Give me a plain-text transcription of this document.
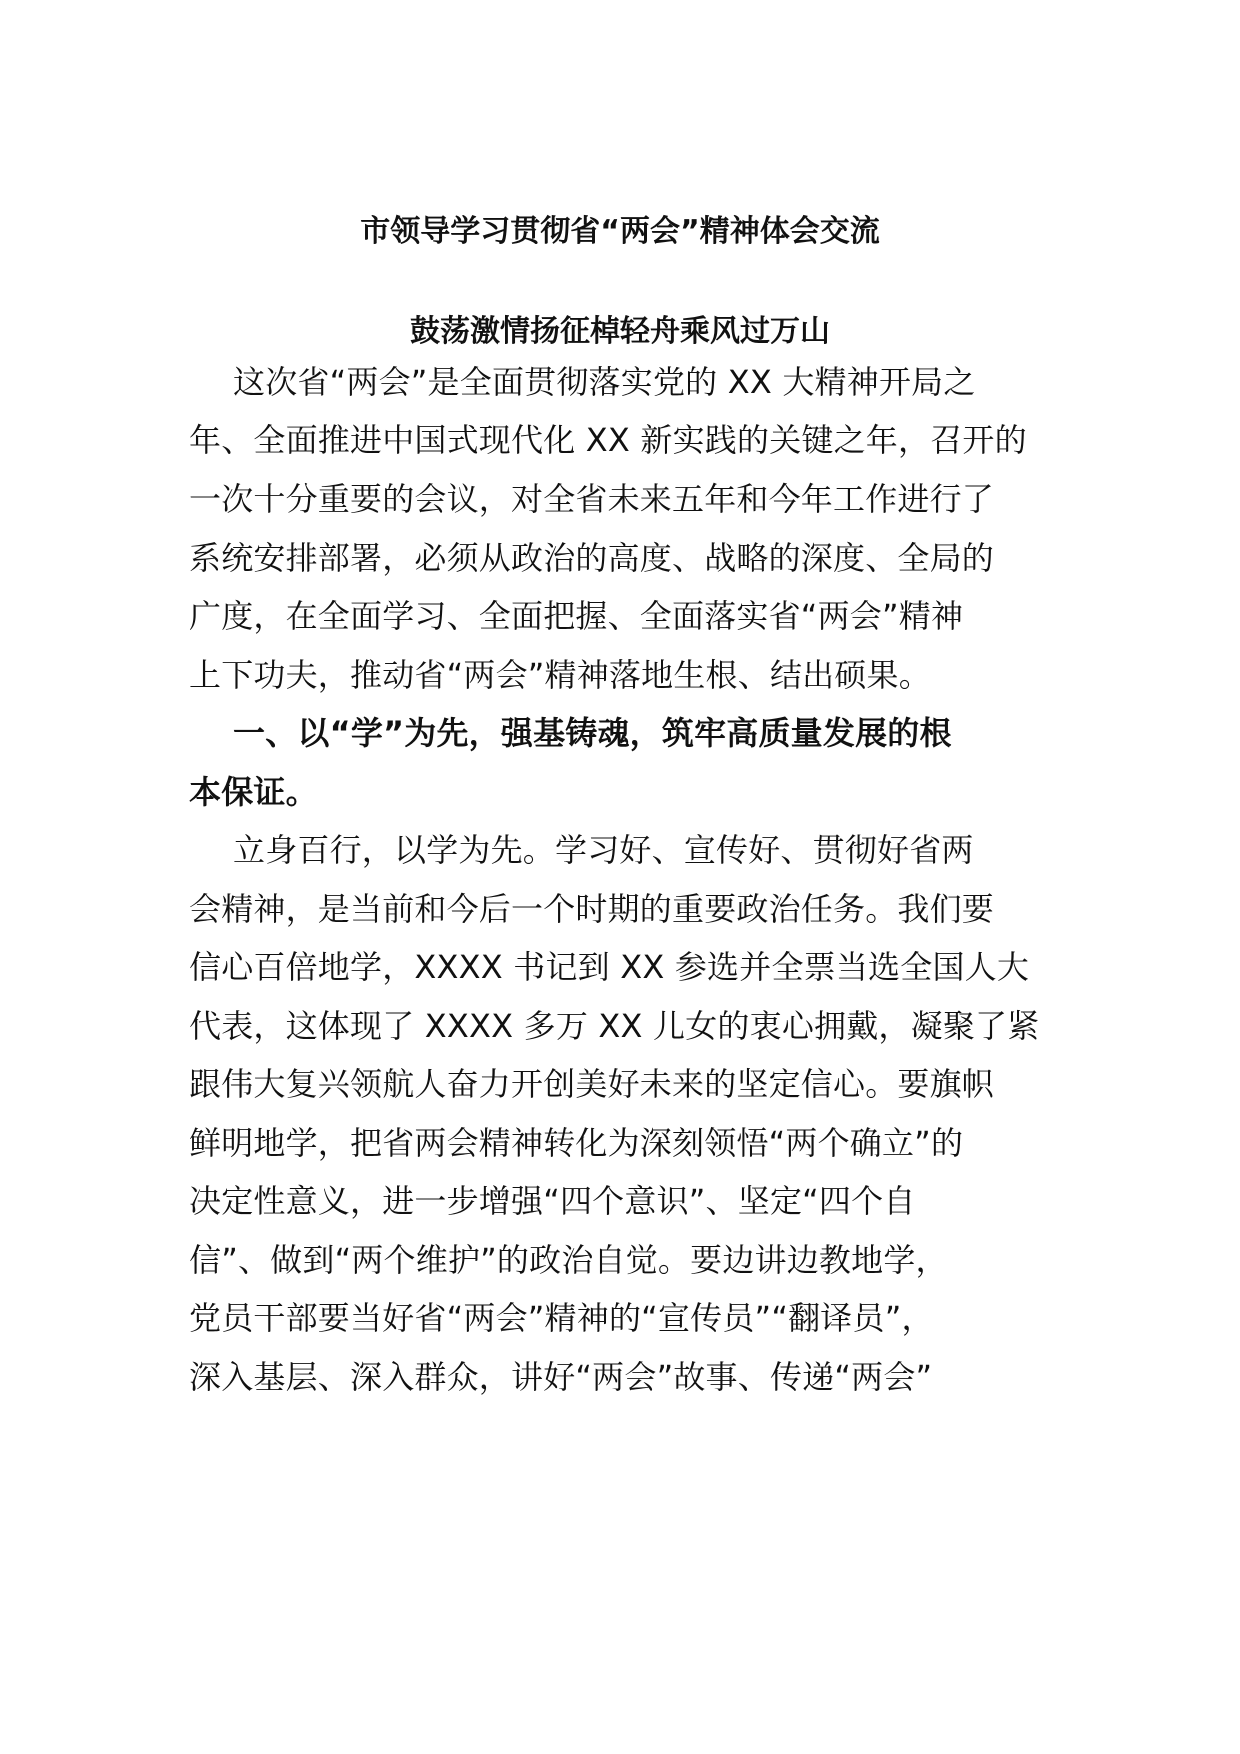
市领导学习贯彻省“两会”精神体会交流
鼓荡激情扬征棹轻舟乘风过万山
这次省“两会”是全面贯彻落实党的 XX 大精神开局之
年、全面推进中国式现代化 XX 新实践的关键之年，召开的
一次十分重要的会议，对全省未来五年和今年工作进行了
系统安排部署，必须从政治的高度、战略的深度、全局的
广度，在全面学习、全面把握、全面落实省“两会”精神
上下功夫，推动省“两会”精神落地生根、结出硕果。
一、以“学”为先，强基铸魂，筑牢高质量发展的根
本保证。
立身百行，以学为先。学习好、宣传好、贯彻好省两
会精神，是当前和今后一个时期的重要政治任务。我们要
信心百倍地学，XXXX 书记到 XX 参选并全票当选全国人大
代表，这体现了 XXXX 多万 XX 儿女的衷心拥戴，凝聚了紧
跟伟大复兴领航人奋力开创美好未来的坚定信心。要旗帜
鲜明地学，把省两会精神转化为深刻领悟“两个确立”的
决定性意义，进一步增强“四个意识”、坚定“四个自
信”、做到“两个维护”的政治自觉。要边讲边教地学，
党员干部要当好省“两会”精神的“宣传员”“翻译员”，
深入基层、深入群众，讲好“两会”故事、传递“两会”
